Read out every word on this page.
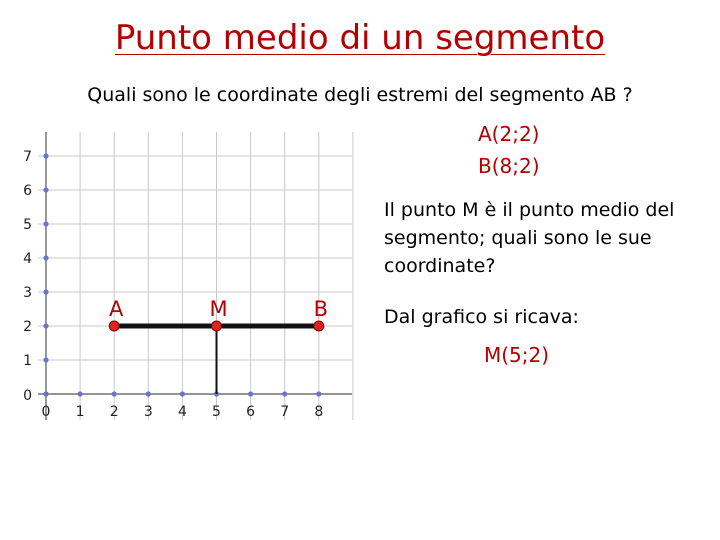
Punto medio di un segmento
Quali sono le coordinate degli estremi del segmento AB ?
0 1 2 3 4 5 6 7 8
0
1
2
3
4
5
6
7
A	M	B
A(2;2)
B(8;2)
Il punto M è il punto medio del segmento; quali sono le sue coordinate?
Dal grafico si ricava:
M(5;2)
